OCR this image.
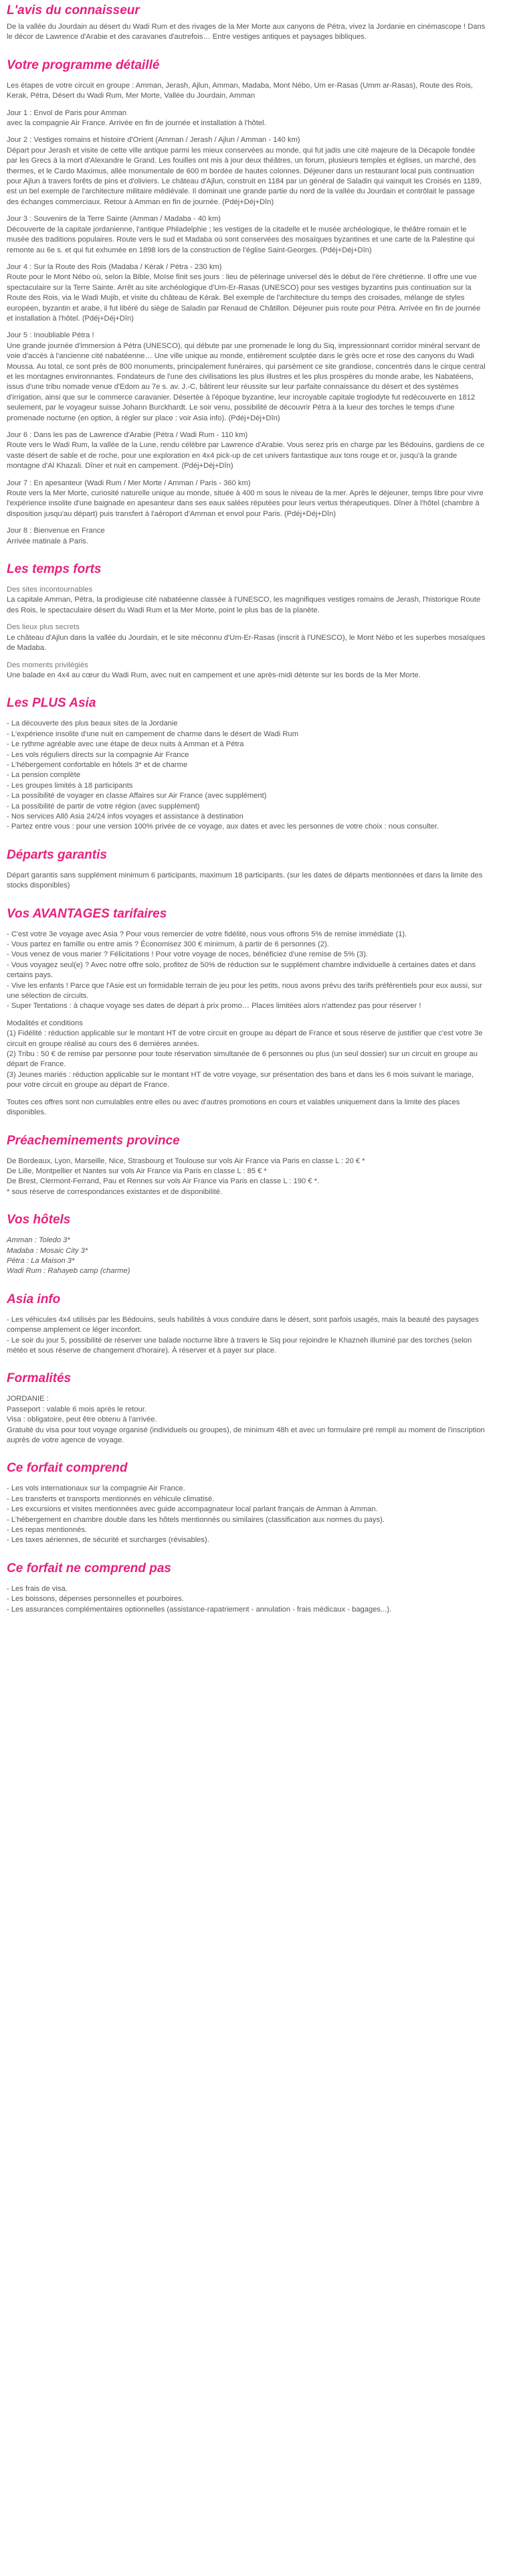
L'avis du connaisseur

De la vallée du Jourdain au désert du Wadi Rum et des rivages de la Mer Morte aux canyons de Pétra, vivez la Jordanie en cinémascope ! Dans le décor de Lawrence d'Arabie et des caravanes d'autrefois… Entre vestiges antiques et paysages bibliques.

Votre programme détaillé

Les étapes de votre circuit en groupe : Amman, Jerash, Ajlun, Amman, Madaba, Mont Nébo, Um er-Rasas (Umm ar-Rasas), Route des Rois, Kerak, Pétra, Désert du Wadi Rum, Mer Morte, Vallée du Jourdain, Amman

Jour 1 : Envol de Paris pour Amman
avec la compagnie Air France. Arrivée en fin de journée et installation à l'hôtel.
Jour 2 : Vestiges romains et histoire d'Orient (Amman / Jerash / Ajlun / Amman - 140 km)
Départ pour Jerash et visite de cette ville antique parmi les mieux conservées au monde, qui fut jadis une cité majeure de la Décapole fondée par les Grecs à la mort d'Alexandre le Grand. Les fouilles ont mis à jour deux théâtres, un forum, plusieurs temples et églises, un marché, des thermes, et le Cardo Maximus, allée monumentale de 600 m bordée de hautes colonnes. Déjeuner dans un restaurant local puis continuation pour Ajlun à travers forêts de pins et d'oliviers. Le château d'Ajlun, construit en 1184 par un général de Saladin qui vainquit les Croisés en 1189, est un bel exemple de l'architecture militaire médiévale. Il dominait une grande partie du nord de la vallée du Jourdain et contrôlait le passage des échanges commerciaux. Retour à Amman en fin de journée. (Pdéj+Déj+Dîn)
Jour 3 : Souvenirs de la Terre Sainte (Amman / Madaba - 40 km)
Découverte de la capitale jordanienne, l'antique Philadelphie ; les vestiges de la citadelle et le musée archéologique, le théâtre romain et le musée des traditions populaires. Route vers le sud et Madaba où sont conservées des mosaïques byzantines et une carte de la Palestine qui remonte au 6e s. et qui fut exhumée en 1898 lors de la construction de l'église Saint-Georges. (Pdéj+Déj+Dîn)
Jour 4 : Sur la Route des Rois (Madaba / Kérak / Pétra - 230 km)
Route pour le Mont Nébo où, selon la Bible, Moïse finit ses jours : lieu de pèlerinage universel dès le début de l'ère chrétienne. Il offre une vue spectaculaire sur la Terre Sainte. Arrêt au site archéologique d'Um-Er-Rasas (UNESCO) pour ses vestiges byzantins puis continuation sur la Route des Rois, via le Wadi Mujib, et visite du château de Kérak. Bel exemple de l'architecture du temps des croisades, mélange de styles européen, byzantin et arabe, il fut libéré du siège de Saladin par Renaud de Châtillon. Déjeuner puis route pour Pétra. Arrivée en fin de journée et installation à l'hôtel. (Pdéj+Déj+Dîn)
Jour 5 : Inoubliable Pétra !
Une grande journée d'immersion à Pétra (UNESCO), qui débute par une promenade le long du Siq, impressionnant corridor minéral servant de voie d'accès à l'ancienne cité nabatéenne… Une ville unique au monde, entièrement sculptée dans le grès ocre et rose des canyons du Wadi Moussa. Au total, ce sont près de 800 monuments, principalement funéraires, qui parsèment ce site grandiose, concentrés dans le cirque central et les montagnes environnantes. Fondateurs de l'une des civilisations les plus illustres et les plus prospères du monde arabe, les Nabatéens, issus d'une tribu nomade venue d'Edom au 7e s. av. J.-C, bâtirent leur réussite sur leur parfaite connaissance du désert et des systèmes d'irrigation, ainsi que sur le commerce caravanier. Désertée à l'époque byzantine, leur incroyable capitale troglodyte fut redécouverte en 1812 seulement, par le voyageur suisse Johann Burckhardt. Le soir venu, possibilité de découvrir Pétra à la lueur des torches le temps d'une promenade nocturne (en option, à régler sur place : voir Asia info). (Pdéj+Déj+Dîn)
Jour 6 : Dans les pas de Lawrence d'Arabie (Pétra / Wadi Rum - 110 km)
Route vers le Wadi Rum, la vallée de la Lune, rendu célèbre par Lawrence d'Arabie. Vous serez pris en charge par les Bédouins, gardiens de ce vaste désert de sable et de roche, pour une exploration en 4x4 pick-up de cet univers fantastique aux tons rouge et or, jusqu'à la grande montagne d'Al Khazali. Dîner et nuit en campement. (Pdéj+Déj+Dîn)
Jour 7 : En apesanteur (Wadi Rum / Mer Morte / Amman / Paris - 360 km)
Route vers la Mer Morte, curiosité naturelle unique au monde, située à 400 m sous le niveau de la mer. Après le déjeuner, temps libre pour vivre l'expérience insolite d'une baignade en apesanteur dans ses eaux salées réputées pour leurs vertus thérapeutiques. Dîner à l'hôtel (chambre à disposition jusqu'au départ) puis transfert à l'aéroport d'Amman et envol pour Paris. (Pdéj+Déj+Dîn)
Jour 8 : Bienvenue en France
Arrivée matinale à Paris.
Les temps forts
Des sites incontournables
La capitale Amman, Pétra, la prodigieuse cité nabatéenne classée à l'UNESCO, les magnifiques vestiges romains de Jerash, l'historique Route des Rois, le spectaculaire désert du Wadi Rum et la Mer Morte, point le plus bas de la planète.
Des lieux plus secrets
Le château d'Ajlun dans la vallée du Jourdain, et le site méconnu d'Um-Er-Rasas (inscrit à l'UNESCO), le Mont Nébo et les superbes mosaïques de Madaba.
Des moments privilégiés
Une balade en 4x4 au cœur du Wadi Rum, avec nuit en campement et une après-midi détente sur les bords de la Mer Morte.
Les PLUS Asia
- La découverte des plus beaux sites de la Jordanie
- L'expérience insolite d'une nuit en campement de charme dans le désert de Wadi Rum
- Le rythme agréable avec une étape de deux nuits à Amman et à Pétra
- Les vols réguliers directs sur la compagnie Air France
- L'hébergement confortable en hôtels 3* et de charme
- La pension complète
- Les groupes limités à 18 participants
- La possibilité de voyager en classe Affaires sur Air France (avec supplément)
- La possibilité de partir de votre région (avec supplément)
- Nos services Allô Asia 24/24 infos voyages et assistance à destination
- Partez entre vous : pour une version 100% privée de ce voyage, aux dates et avec les personnes de votre choix : nous consulter.
Départs garantis

Départ garantis sans supplément minimum 6 participants, maximum 18 participants. (sur les dates de départs mentionnées et dans la limite des stocks disponibles)

Vos AVANTAGES tarifaires
- C'est votre 3e voyage avec Asia ? Pour vous remercier de votre fidélité, nous vous offrons 5% de remise immédiate (1).
- Vous partez en famille ou entre amis ? Économisez 300 € minimum, à partir de 6 personnes (2).
- Vous venez de vous marier ? Félicitations ! Pour votre voyage de noces, bénéficiez d'une remise de 5% (3).
- Vous voyagez seul(e) ? Avec notre offre solo, profitez de 50% de réduction sur le supplément chambre individuelle à certaines dates et dans certains pays.
- Vive les enfants ! Parce que l'Asie est un formidable terrain de jeu pour les petits, nous avons prévu des tarifs préférentiels pour eux aussi, sur une sélection de circuits.
- Super Tentations : à chaque voyage ses dates de départ à prix promo… Places limitées alors n'attendez pas pour réserver !
Modalités et conditions
(1) Fidélité : réduction applicable sur le montant HT de votre circuit en groupe au départ de France et sous réserve de justifier que c'est votre 3e circuit en groupe réalisé au cours des 6 dernières années.
(2) Tribu : 50 € de remise par personne pour toute réservation simultanée de 6 personnes ou plus (un seul dossier) sur un circuit en groupe au départ de France.
(3) Jeunes mariés : réduction applicable sur le montant HT de votre voyage, sur présentation des bans et dans les 6 mois suivant le mariage, pour votre circuit en groupe au départ de France.

Toutes ces offres sont non cumulables entre elles ou avec d'autres promotions en cours et valables uniquement dans la limite des places disponibles.

Préacheminements province
De Bordeaux, Lyon, Marseille, Nice, Strasbourg et Toulouse sur vols Air France via Paris en classe L : 20 € *
De Lille, Montpellier et Nantes sur vols Air France via Paris en classe L : 85 € *
De Brest, Clermont-Ferrand, Pau et Rennes sur vols Air France via Paris en classe L : 190 € *.
* sous réserve de correspondances existantes et de disponibilité.
Vos hôtels
Amman : Toledo 3*
Madaba : Mosaic City 3*
Pétra : La Maison 3*
Wadi Rum : Rahayeb camp (charme)
Asia info
- Les véhicules 4x4 utilisés par les Bédouins, seuls habilités à vous conduire dans le désert, sont parfois usagés, mais la beauté des paysages compense amplement ce léger inconfort.
- Le soir du jour 5, possibilité de réserver une balade nocturne libre à travers le Siq pour rejoindre le Khazneh illuminé par des torches (selon météo et sous réserve de changement d'horaire). À réserver et à payer sur place.
Formalités
JORDANIE :
Passeport : valable 6 mois après le retour.
Visa : obligatoire, peut être obtenu à l'arrivée.
Gratuité du visa pour tout voyage organisé (individuels ou groupes), de minimum 48h et avec un formulaire pré rempli au moment de l'inscription auprès de votre agence de voyage.
Ce forfait comprend
- Les vols internationaux sur la compagnie Air France.
- Les transferts et transports mentionnés en véhicule climatisé.
- Les excursions et visites mentionnées avec guide accompagnateur local parlant français de Amman à Amman.
- L'hébergement en chambre double dans les hôtels mentionnés ou similaires (classification aux normes du pays).
- Les repas mentionnés.
- Les taxes aériennes, de sécurité et surcharges (révisables).
Ce forfait ne comprend pas
- Les frais de visa.
- Les boissons, dépenses personnelles et pourboires.
- Les assurances complémentaires optionnelles (assistance-rapatriement - annulation - frais médicaux - bagages...).
